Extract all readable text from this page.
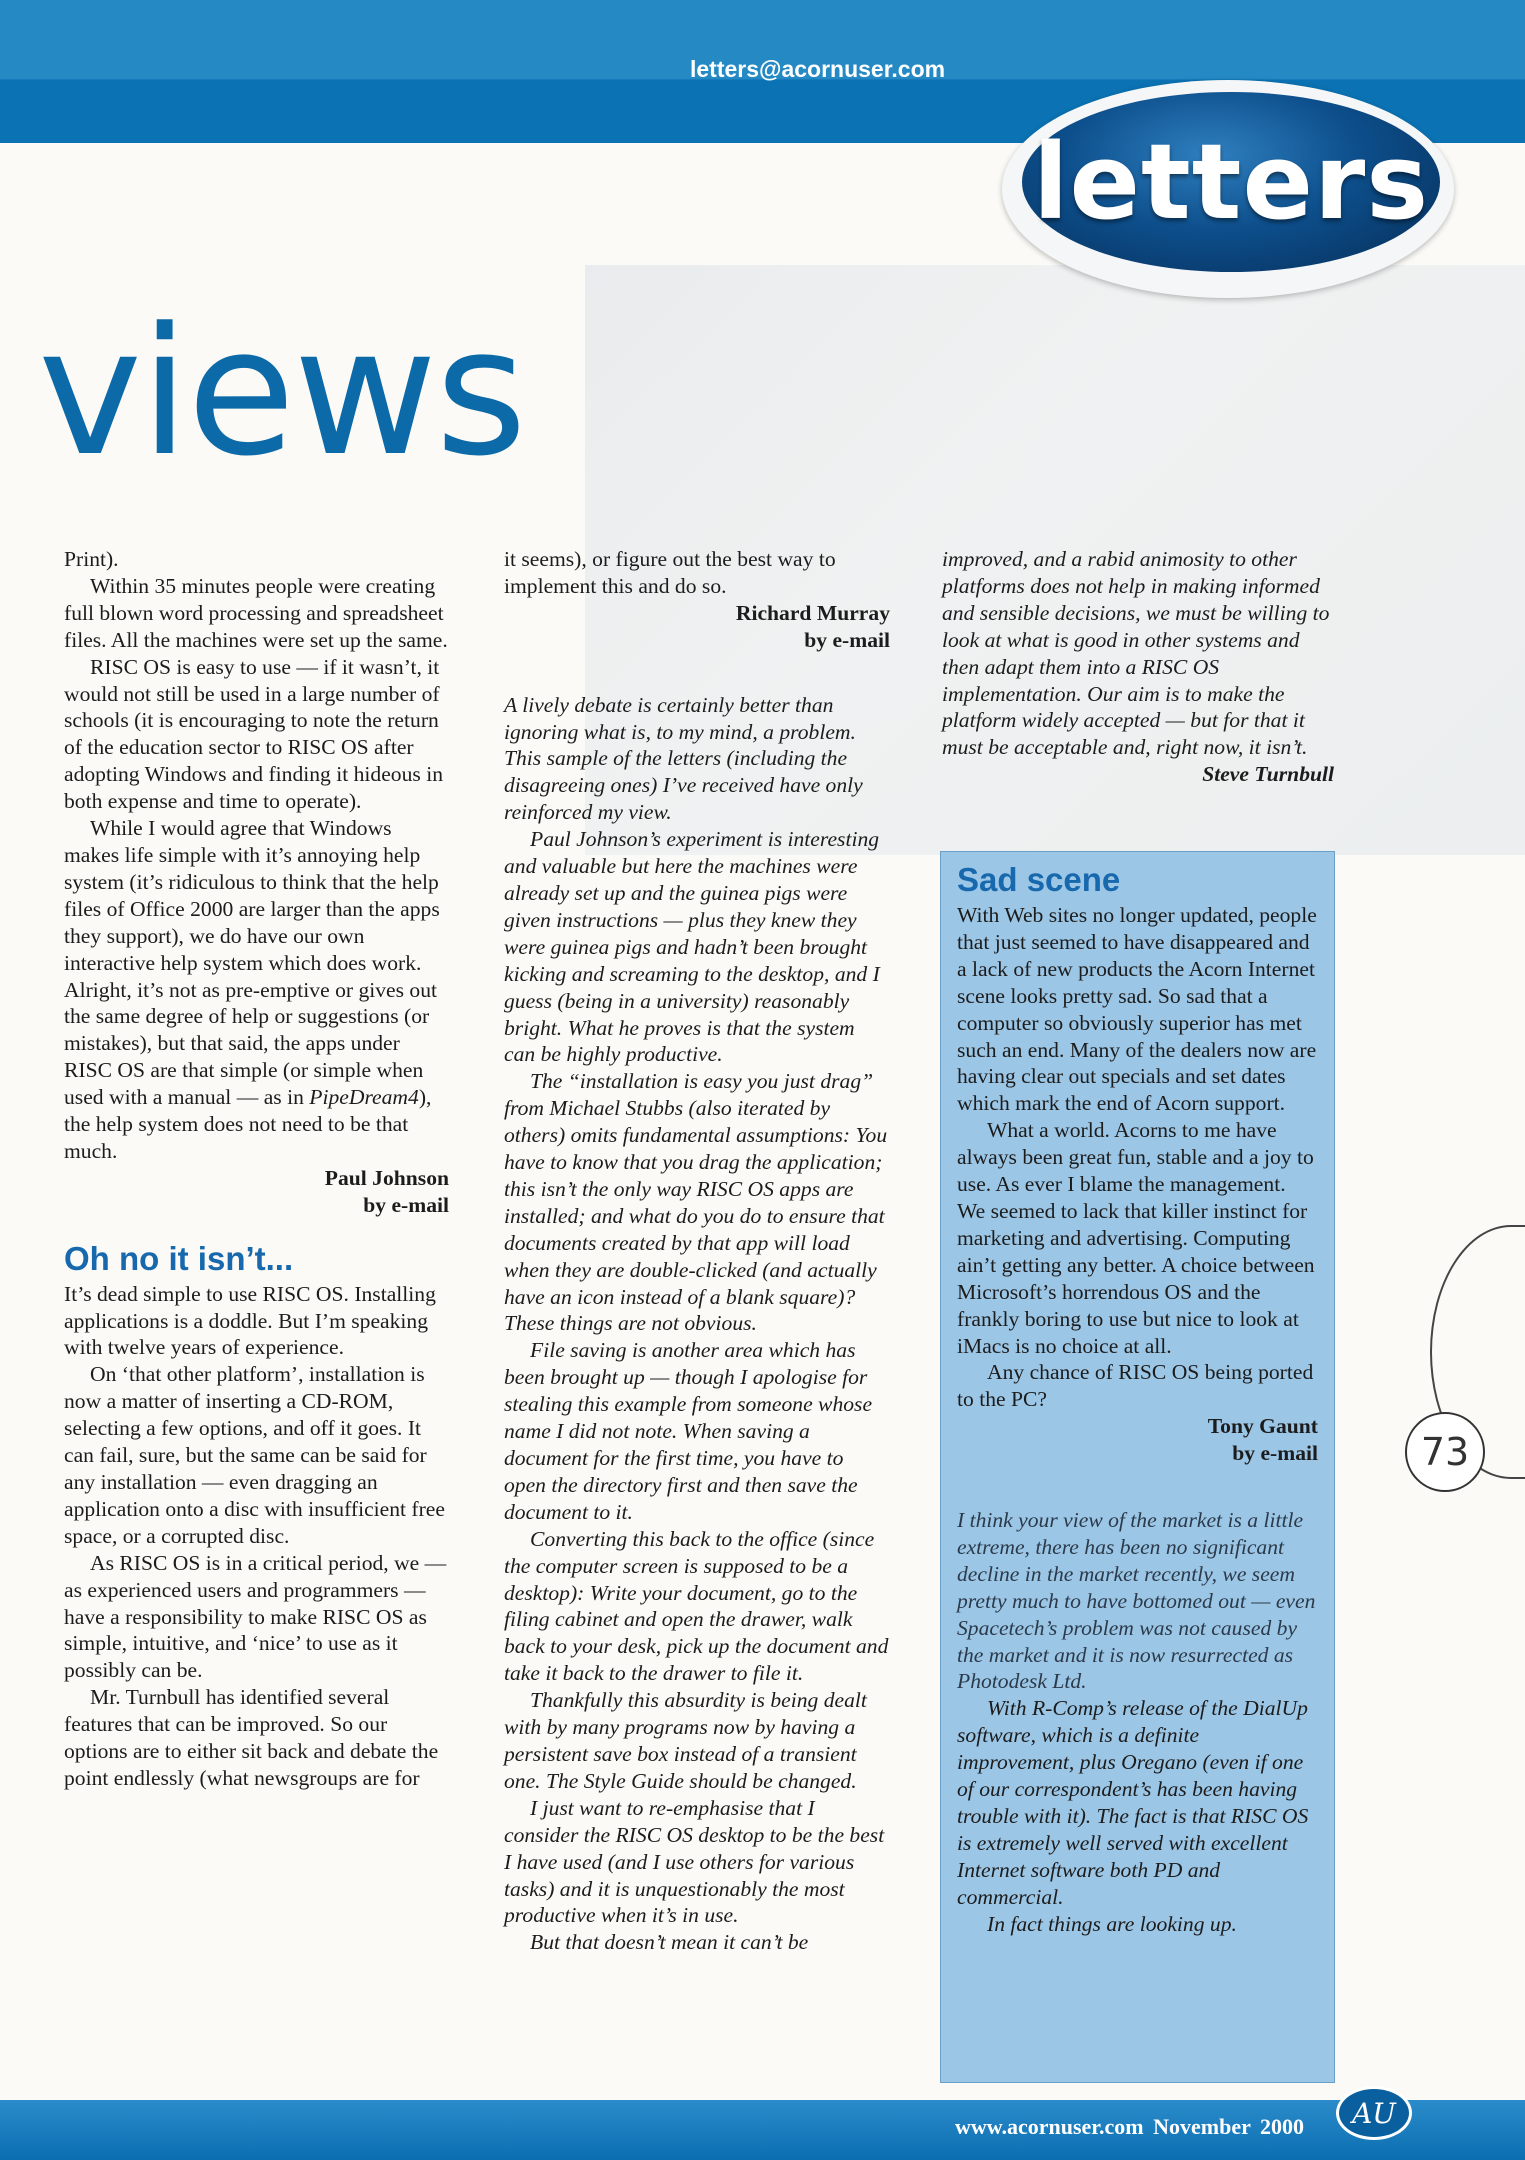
letters@acornuser.com
letters
views

Print).

Within 35 minutes people were creating full blown word processing and spreadsheet files. All the machines were set up the same.

RISC OS is easy to use — if it wasn’t, it would not still be used in a large number of schools (it is encouraging to note the return of the education sector to RISC OS after adopting Windows and finding it hideous in both expense and time to operate).

While I would agree that Windows makes life simple with it’s annoying help system (it’s ridiculous to think that the help files of Office 2000 are larger than the apps they support), we do have our own interactive help system which does work. Alright, it’s not as pre-emptive or gives out the same degree of help or suggestions (or mistakes), but that said, the apps under RISC OS are that simple (or simple when used with a manual — as in PipeDream4), the help system does not need to be that much.

Paul Johnson
by e-mail
Oh no it isn’t...

It’s dead simple to use RISC OS. Installing applications is a doddle. But I’m speaking with twelve years of experience.

On ‘that other platform’, installation is now a matter of inserting a CD-ROM, selecting a few options, and off it goes. It can fail, sure, but the same can be said for any installation — even dragging an application onto a disc with insufficient free space, or a corrupted disc.

As RISC OS is in a critical period, we — as experienced users and programmers — have a responsibility to make RISC OS as simple, intuitive, and ‘nice’ to use as it possibly can be.

Mr. Turnbull has identified several features that can be improved. So our options are to either sit back and debate the point endlessly (what newsgroups are for

it seems), or figure out the best way to implement this and do so.

Richard Murray
by e-mail

A lively debate is certainly better than ignoring what is, to my mind, a problem. This sample of the letters (including the disagreeing ones) I’ve received have only reinforced my view.

Paul Johnson’s experiment is interesting and valuable but here the machines were already set up and the guinea pigs were given instructions — plus they knew they were guinea pigs and hadn’t been brought kicking and screaming to the desktop, and I guess (being in a university) reasonably bright. What he proves is that the system can be highly productive.

The “installation is easy you just drag” from Michael Stubbs (also iterated by others) omits fundamental assumptions: You have to know that you drag the application; this isn’t the only way RISC OS apps are installed; and what do you do to ensure that documents created by that app will load when they are double-clicked (and actually have an icon instead of a blank square)? These things are not obvious.

File saving is another area which has been brought up — though I apologise for stealing this example from someone whose name I did not note. When saving a document for the first time, you have to open the directory first and then save the document to it.

Converting this back to the office (since the computer screen is supposed to be a desktop): Write your document, go to the filing cabinet and open the drawer, walk back to your desk, pick up the document and take it back to the drawer to file it.

Thankfully this absurdity is being dealt with by many programs now by having a persistent save box instead of a transient one. The Style Guide should be changed.

I just want to re-emphasise that I consider the RISC OS desktop to be the best I have used (and I use others for various tasks) and it is unquestionably the most productive when it’s in use.

But that doesn’t mean it can’t be

improved, and a rabid animosity to other platforms does not help in making informed and sensible decisions, we must be willing to look at what is good in other systems and then adapt them into a RISC OS implementation. Our aim is to make the platform widely accepted — but for that it must be acceptable and, right now, it isn’t.

Steve Turnbull
Sad scene

With Web sites no longer updated, people that just seemed to have disappeared and a lack of new products the Acorn Internet scene looks pretty sad. So sad that a computer so obviously superior has met such an end. Many of the dealers now are having clear out specials and set dates which mark the end of Acorn support.

What a world. Acorns to me have always been great fun, stable and a joy to use. As ever I blame the management. We seemed to lack that killer instinct for marketing and advertising. Computing ain’t getting any better. A choice between Microsoft’s horrendous OS and the frankly boring to use but nice to look at iMacs is no choice at all.

Any chance of RISC OS being ported to the PC?

Tony Gaunt
by e-mail

I think your view of the market is a little extreme, there has been no significant decline in the market recently, we seem pretty much to have bottomed out — even Spacetech’s problem was not caused by the market and it is now resurrected as Photodesk Ltd.

With R-Comp’s release of the DialUp software, which is a definite improvement, plus Oregano (even if one of our correspondent’s has been having trouble with it). The fact is that RISC OS is extremely well served with excellent Internet software both PD and commercial.

In fact things are looking up.

73
www.acornuser.com November 2000	AU
